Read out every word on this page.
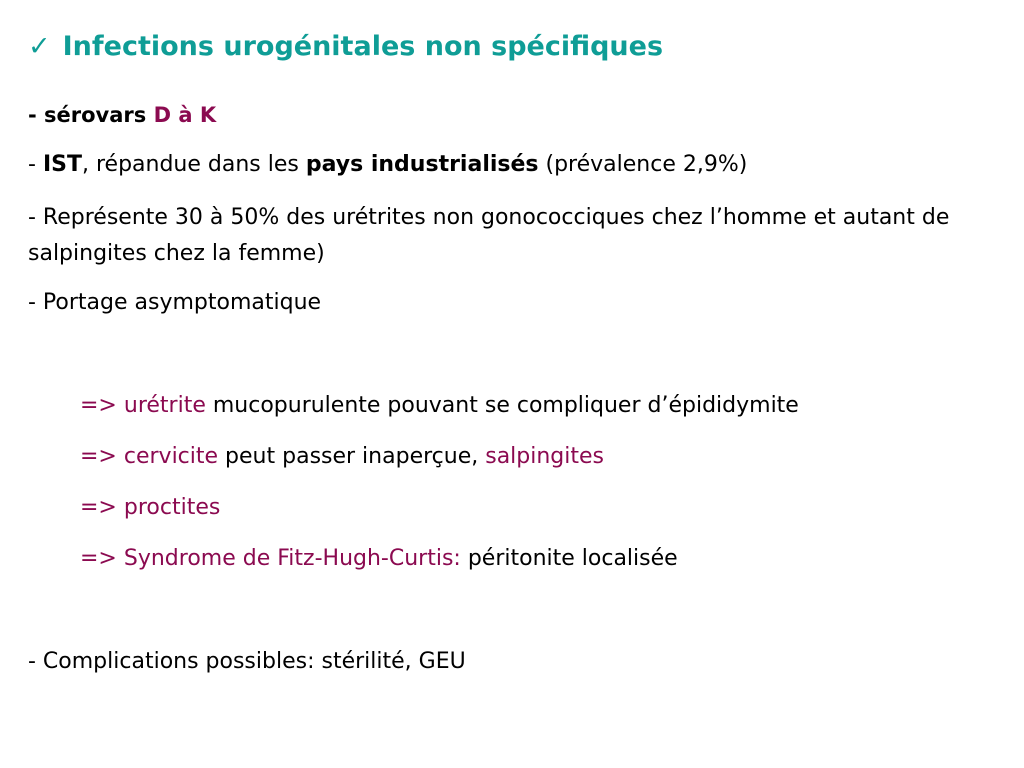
✓ Infections urogénitales non spécifiques
- sérovars D à K
- IST, répandue dans les pays industrialisés (prévalence 2,9%)
- Représente 30 à 50% des urétrites non gonococciques chez l’homme et autant de salpingites chez la femme)
- Portage asymptomatique
=> urétrite mucopurulente pouvant se compliquer d’épididymite
=> cervicite peut passer inaperçue, salpingites
=> proctites
=> Syndrome de Fitz-Hugh-Curtis: péritonite localisée
- Complications possibles: stérilité, GEU
